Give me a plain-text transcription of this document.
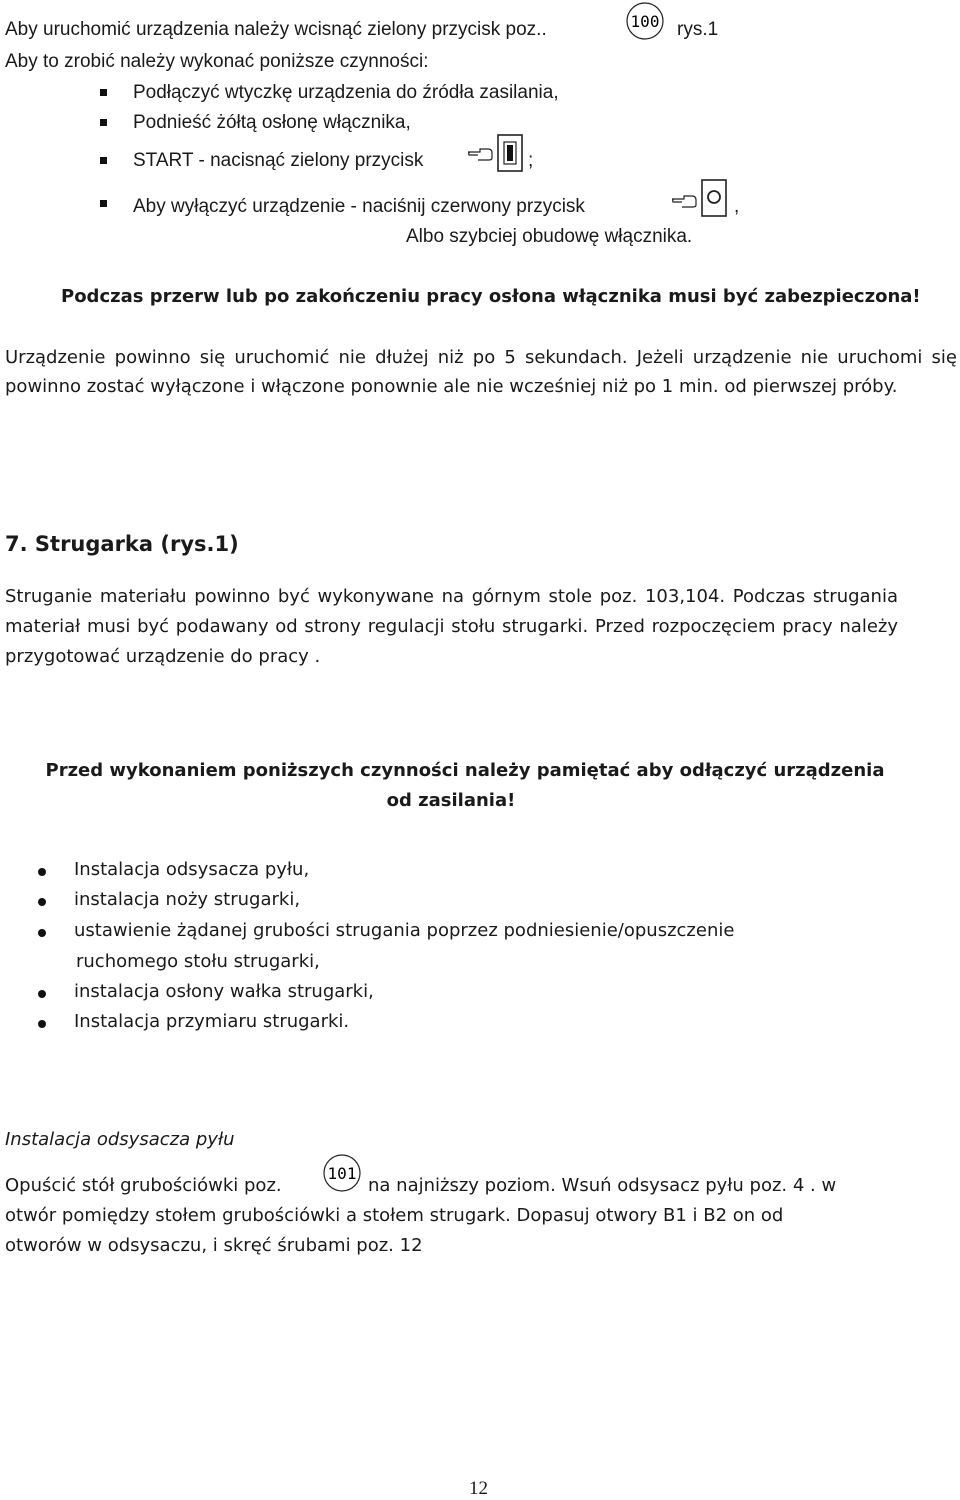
Aby uruchomić urządzenia należy wcisnąć zielony przycisk poz..	100 rys.1
Aby to zrobić należy wykonać poniższe czynności:
Podłączyć wtyczkę urządzenia do źródła zasilania,
Podnieść żółtą osłonę włącznika,
START - nacisnąć zielony przycisk	;
Aby wyłączyć urządzenie - naciśnij czerwony przycisk	,
Albo szybciej obudowę włącznika.
Podczas przerw lub po zakończeniu pracy osłona włącznika musi być zabezpieczona!
Urządzenie powinno się uruchomić nie dłużej niż po 5 sekundach. Jeżeli urządzenie nie uruchomi się powinno zostać wyłączone i włączone ponownie ale nie wcześniej niż po 1 min. od pierwszej próby.
7. Strugarka (rys.1)
Struganie materiału powinno być wykonywane na górnym stole poz. 103,104. Podczas strugania materiał musi być podawany od strony regulacji stołu strugarki. Przed rozpoczęciem pracy należy przygotować urządzenie do pracy .
Przed wykonaniem poniższych czynności należy pamiętać aby odłączyć urządzenia
od zasilania!
Instalacja odsysacza pyłu,
instalacja noży strugarki,
ustawienie żądanej grubości strugania poprzez podniesienie/opuszczenie
ruchomego stołu strugarki,
instalacja osłony wałka strugarki,
Instalacja przymiaru strugarki.
Instalacja odsysacza pyłu
Opuścić stół grubościówki poz.
101
na najniższy poziom. Wsuń odsysacz pyłu poz. 4 . w
otwór pomiędzy stołem grubościówki a stołem strugark. Dopasuj otwory B1 i B2 on od
otworów w odsysaczu, i skręć śrubami poz. 12
12
